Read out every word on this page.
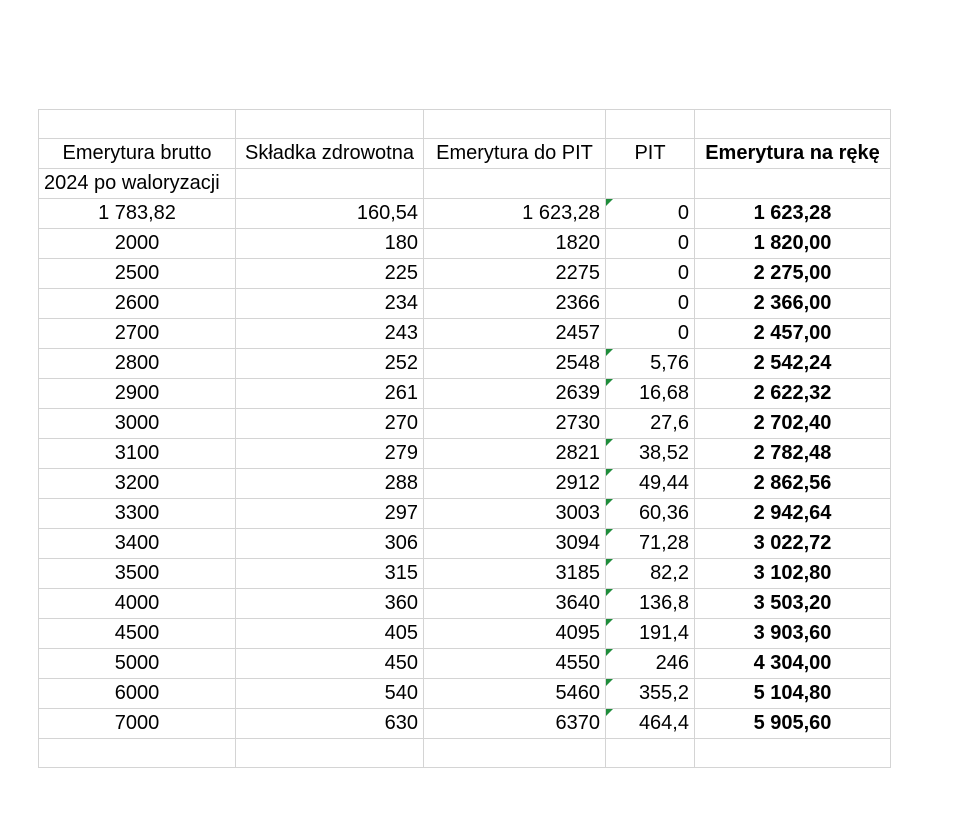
Emerytura brutto	Składka zdrowotna	Emerytura do PIT	PIT	Emerytura na rękę
2024 po waloryzacji				
1 783,82	160,54	1 623,28	0	1 623,28
2000	180	1820	0	1 820,00
2500	225	2275	0	2 275,00
2600	234	2366	0	2 366,00
2700	243	2457	0	2 457,00
2800	252	2548	5,76	2 542,24
2900	261	2639	16,68	2 622,32
3000	270	2730	27,6	2 702,40
3100	279	2821	38,52	2 782,48
3200	288	2912	49,44	2 862,56
3300	297	3003	60,36	2 942,64
3400	306	3094	71,28	3 022,72
3500	315	3185	82,2	3 102,80
4000	360	3640	136,8	3 503,20
4500	405	4095	191,4	3 903,60
5000	450	4550	246	4 304,00
6000	540	5460	355,2	5 104,80
7000	630	6370	464,4	5 905,60
